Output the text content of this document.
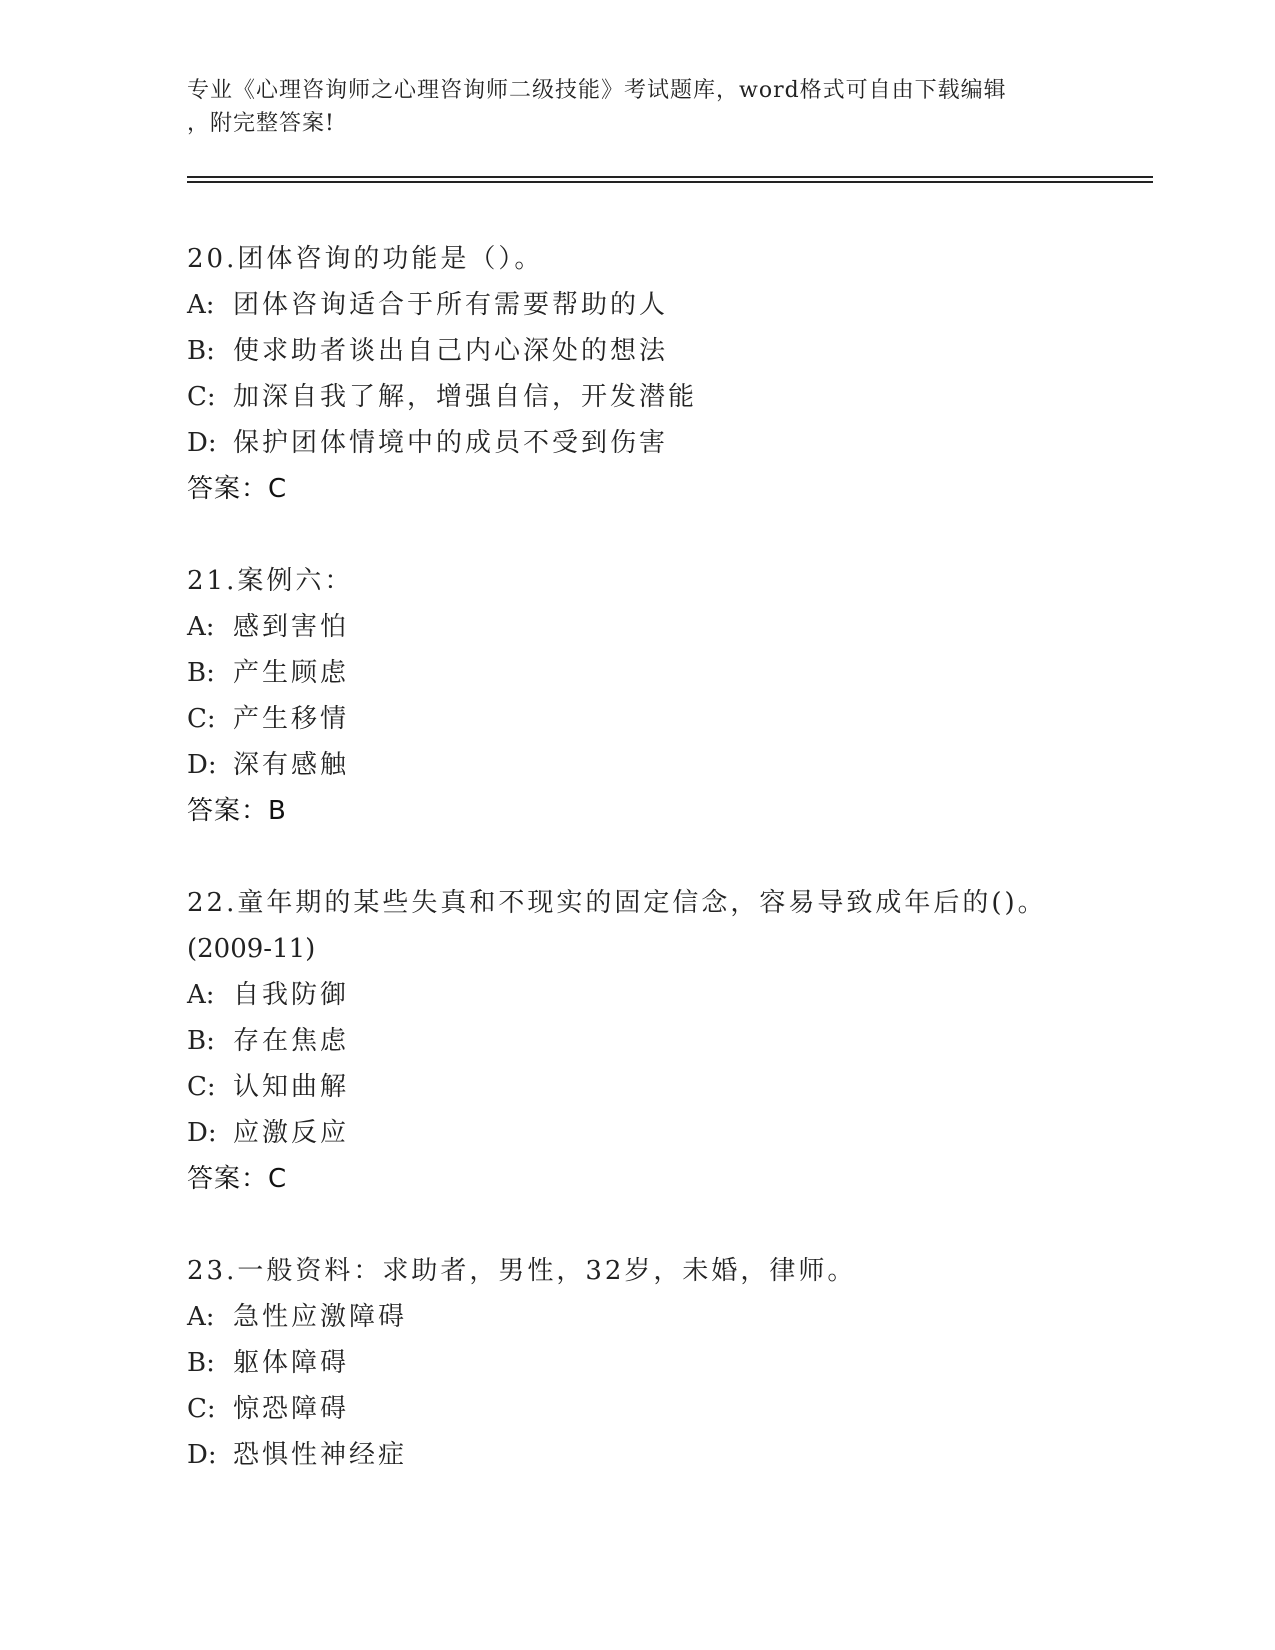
专业《心理咨询师之心理咨询师二级技能》考试题库，word格式可自由下载编辑
，附完整答案!
20.团体咨询的功能是（）。
A: 团体咨询适合于所有需要帮助的人
B: 使求助者谈出自己内心深处的想法
C: 加深自我了解，增强自信，开发潜能
D: 保护团体情境中的成员不受到伤害
答案：C
21.案例六：
A: 感到害怕
B: 产生顾虑
C: 产生移情
D: 深有感触
答案：B
22.童年期的某些失真和不现实的固定信念，容易导致成年后的()。
(2009-11)
A: 自我防御
B: 存在焦虑
C: 认知曲解
D: 应激反应
答案：C
23.一般资料：求助者，男性，32岁，未婚，律师。
A: 急性应激障碍
B: 躯体障碍
C: 惊恐障碍
D: 恐惧性神经症
